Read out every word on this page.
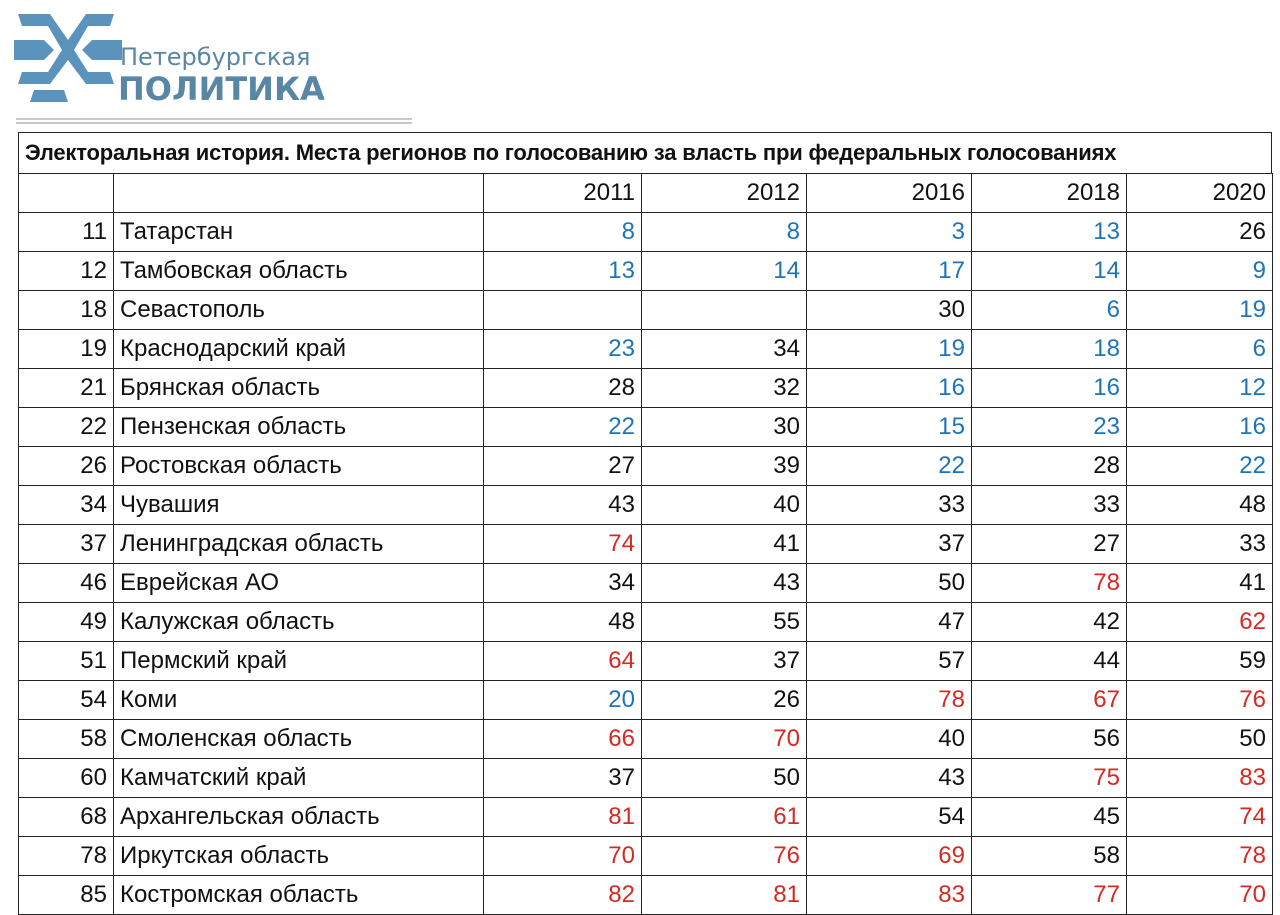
Петербургская
ПОЛИТИКА
Электоральная история. Места регионов по голосованию за власть при федеральных голосованиях
		2011	2012	2016	2018	2020
11	Татарстан	8	8	3	13	26
12	Тамбовская область	13	14	17	14	9
18	Севастополь			30	6	19
19	Краснодарский край	23	34	19	18	6
21	Брянская область	28	32	16	16	12
22	Пензенская область	22	30	15	23	16
26	Ростовская область	27	39	22	28	22
34	Чувашия	43	40	33	33	48
37	Ленинградская область	74	41	37	27	33
46	Еврейская АО	34	43	50	78	41
49	Калужская область	48	55	47	42	62
51	Пермский край	64	37	57	44	59
54	Коми	20	26	78	67	76
58	Смоленская область	66	70	40	56	50
60	Камчатский край	37	50	43	75	83
68	Архангельская область	81	61	54	45	74
78	Иркутская область	70	76	69	58	78
85	Костромская область	82	81	83	77	70
